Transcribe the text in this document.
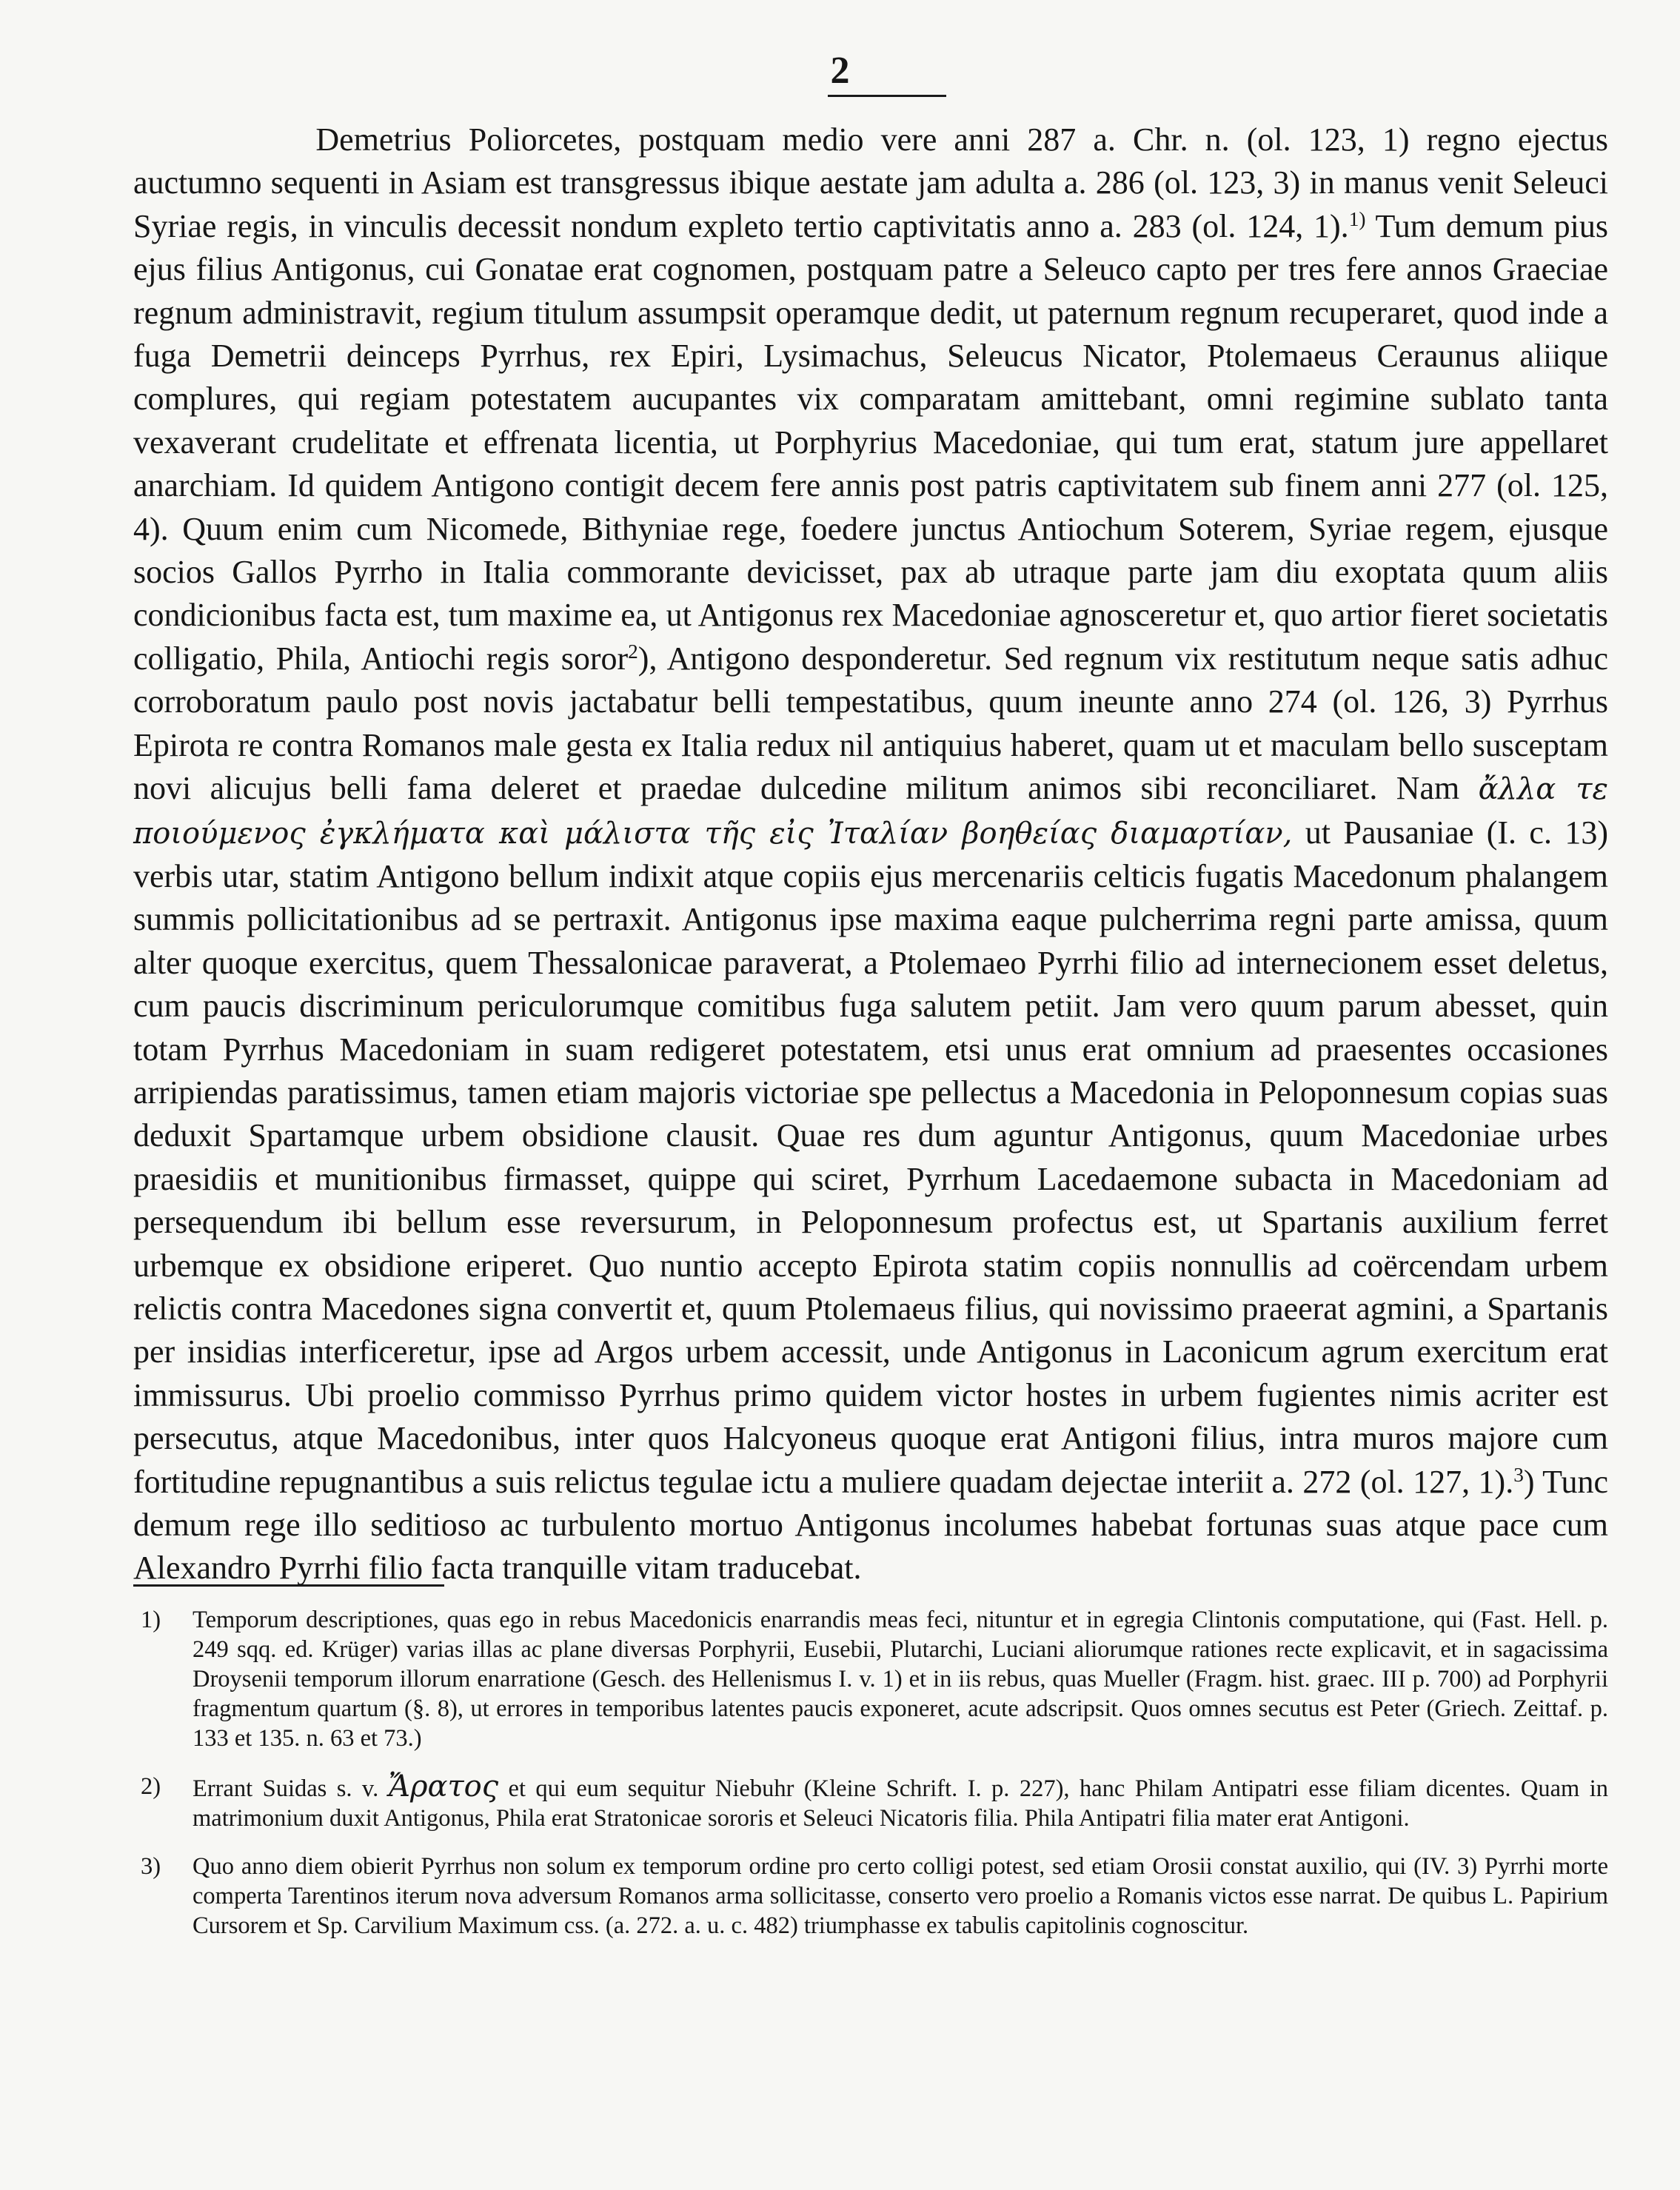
2

Demetrius Poliorcetes, postquam medio vere anni 287 a. Chr. n. (ol. 123, 1) regno ejectus auctumno sequenti in Asiam est transgressus ibique aestate jam adulta a. 286 (ol. 123, 3) in manus venit Seleuci Syriae regis, in vinculis decessit nondum expleto tertio captivitatis anno a. 283 (ol. 124, 1).$^{1)}$ Tum demum pius ejus filius Antigonus, cui Gonatae erat cognomen, postquam patre a Seleuco capto per tres fere annos Graeciae regnum administravit, regium titulum assumpsit operamque dedit, ut paternum regnum recuperaret, quod inde a fuga Demetrii deinceps Pyrrhus, rex Epiri, Lysimachus, Seleucus Nicator, Ptolemaeus Ceraunus aliique complures, qui regiam potestatem aucupantes vix comparatam amittebant, omni regimine sublato tanta vexaverant crudelitate et effrenata licentia, ut Porphyrius Macedoniae, qui tum erat, statum jure appellaret anarchiam. Id quidem Antigono contigit decem fere annis post patris captivitatem sub finem anni 277 (ol. 125, 4). Quum enim cum Nicomede, Bithyniae rege, foedere junctus Antiochum Soterem, Syriae regem, ejusque socios Gallos Pyrrho in Italia commorante devicisset, pax ab utraque parte jam diu exoptata quum aliis condicionibus facta est, tum maxime ea, ut Antigonus rex Macedoniae agnosceretur et, quo artior fieret societatis colligatio, Phila, Antiochi regis soror$^2$), Antigono desponderetur. Sed regnum vix restitutum neque satis adhuc corroboratum paulo post novis jactabatur belli tempestatibus, quum ineunte anno 274 (ol. 126, 3) Pyrrhus Epirota re contra Romanos male gesta ex Italia redux nil antiquius haberet, quam ut et maculam bello susceptam novi alicujus belli fama deleret et praedae dulcedine militum animos sibi reconciliaret. Nam ἄλλα τε ποιούμενος ἐγκλήματα καὶ μάλιστα τῆς εἰς Ἰταλίαν βοηθείας διαμαρτίαν, ut Pausaniae (I. c. 13) verbis utar, statim Antigono bellum indixit atque copiis ejus mercenariis celticis fugatis Macedonum phalangem summis pollicitationibus ad se pertraxit. Antigonus ipse maxima eaque pulcherrima regni parte amissa, quum alter quoque exercitus, quem Thessalonicae paraverat, a Ptolemaeo Pyrrhi filio ad internecionem esset deletus, cum paucis discriminum periculorumque comitibus fuga salutem petiit. Jam vero quum parum abesset, quin totam Pyrrhus Macedoniam in suam redigeret potestatem, etsi unus erat omnium ad praesentes occasiones arripiendas paratissimus, tamen etiam majoris victoriae spe pellectus a Macedonia in Peloponnesum copias suas deduxit Spartamque urbem obsidione clausit. Quae res dum aguntur Antigonus, quum Macedoniae urbes praesidiis et munitionibus firmasset, quippe qui sciret, Pyrrhum Lacedaemone subacta in Macedoniam ad persequendum ibi bellum esse reversurum, in Peloponnesum profectus est, ut Spartanis auxilium ferret urbemque ex obsidione eriperet. Quo nuntio accepto Epirota statim copiis nonnullis ad coërcendam urbem relictis contra Macedones signa convertit et, quum Ptolemaeus filius, qui novissimo praeerat agmini, a Spartanis per insidias interficeretur, ipse ad Argos urbem accessit, unde Antigonus in Laconicum agrum exercitum erat immissurus. Ubi proelio commisso Pyrrhus primo quidem victor hostes in urbem fugientes nimis acriter est persecutus, atque Macedonibus, inter quos Halcyoneus quoque erat Antigoni filius, intra muros majore cum fortitudine repugnantibus a suis relictus tegulae ictu a muliere quadam dejectae interiit a. 272 (ol. 127, 1).$^3$) Tunc demum rege illo seditioso ac turbulento mortuo Antigonus incolumes habebat fortunas suas atque pace cum Alexandro Pyrrhi filio facta tranquille vitam traducebat.

1) Temporum descriptiones, quas ego in rebus Macedonicis enarrandis meas feci, nituntur et in egregia Clintonis computatione, qui (Fast. Hell. p. 249 sqq. ed. Krüger) varias illas ac plane diversas Porphyrii, Eusebii, Plutarchi, Luciani aliorumque rationes recte explicavit, et in sagacissima Droysenii temporum illorum enarratione (Gesch. des Hellenismus I. v. 1) et in iis rebus, quas Mueller (Fragm. hist. graec. III p. 700) ad Porphyrii fragmentum quartum (§. 8), ut errores in temporibus latentes paucis exponeret, acute adscripsit. Quos omnes secutus est Peter (Griech. Zeittaf. p. 133 et 135. n. 63 et 73.)
2) Errant Suidas s. v. Ἄρατος et qui eum sequitur Niebuhr (Kleine Schrift. I. p. 227), hanc Philam Antipatri esse filiam dicentes. Quam in matrimonium duxit Antigonus, Phila erat Stratonicae sororis et Seleuci Nicatoris filia. Phila Antipatri filia mater erat Antigoni.
3) Quo anno diem obierit Pyrrhus non solum ex temporum ordine pro certo colligi potest, sed etiam Orosii constat auxilio, qui (IV. 3) Pyrrhi morte comperta Tarentinos iterum nova adversum Romanos arma sollicitasse, conserto vero proelio a Romanis victos esse narrat. De quibus L. Papirium Cursorem et Sp. Carvilium Maximum css. (a. 272. a. u. c. 482) triumphasse ex tabulis capitolinis cognoscitur.
